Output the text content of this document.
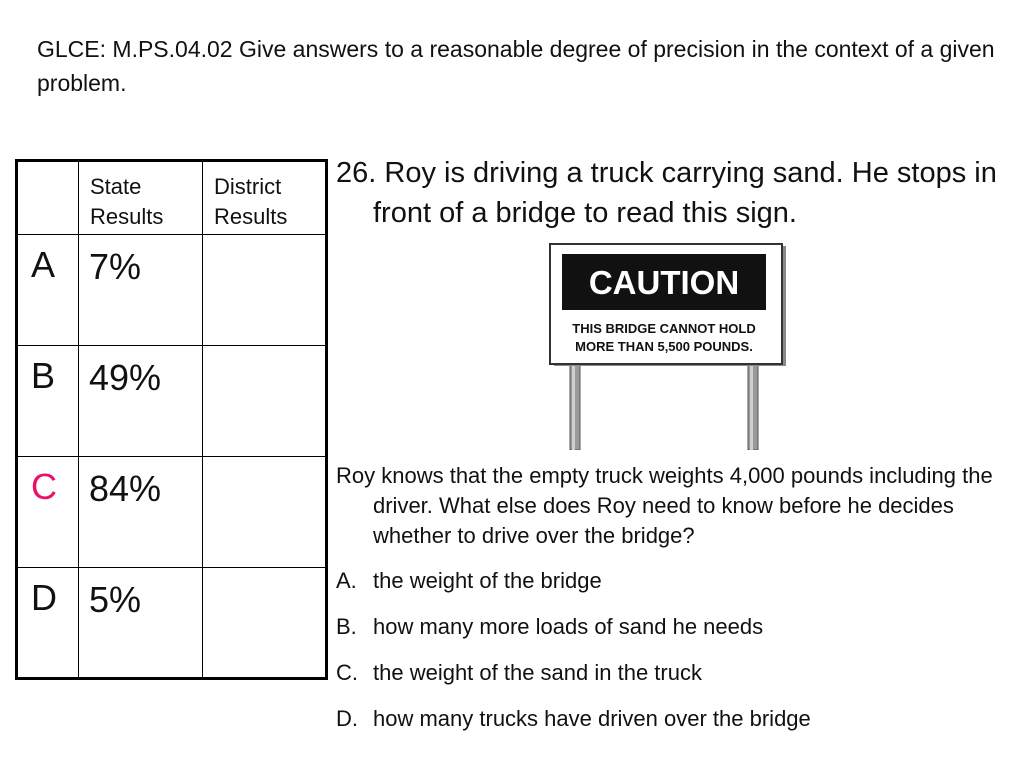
GLCE: M.PS.04.02 Give answers to a reasonable degree of precision in the context of a given problem.

	State Results	District Results

A	7%	

B	49%	

C	84%	

D	5%	

26. Roy is driving a truck carrying sand. He stops in front of a bridge to read this sign.
CAUTION
THIS BRIDGE CANNOT HOLD
MORE THAN 5,500 POUNDS.
Roy knows that the empty truck weights 4,000 pounds including the driver. What else does Roy need to know before he decides whether to drive over the bridge?
A. the weight of the bridge
B. how many more loads of sand he needs
C. the weight of the sand in the truck
D. how many trucks have driven over the bridge
